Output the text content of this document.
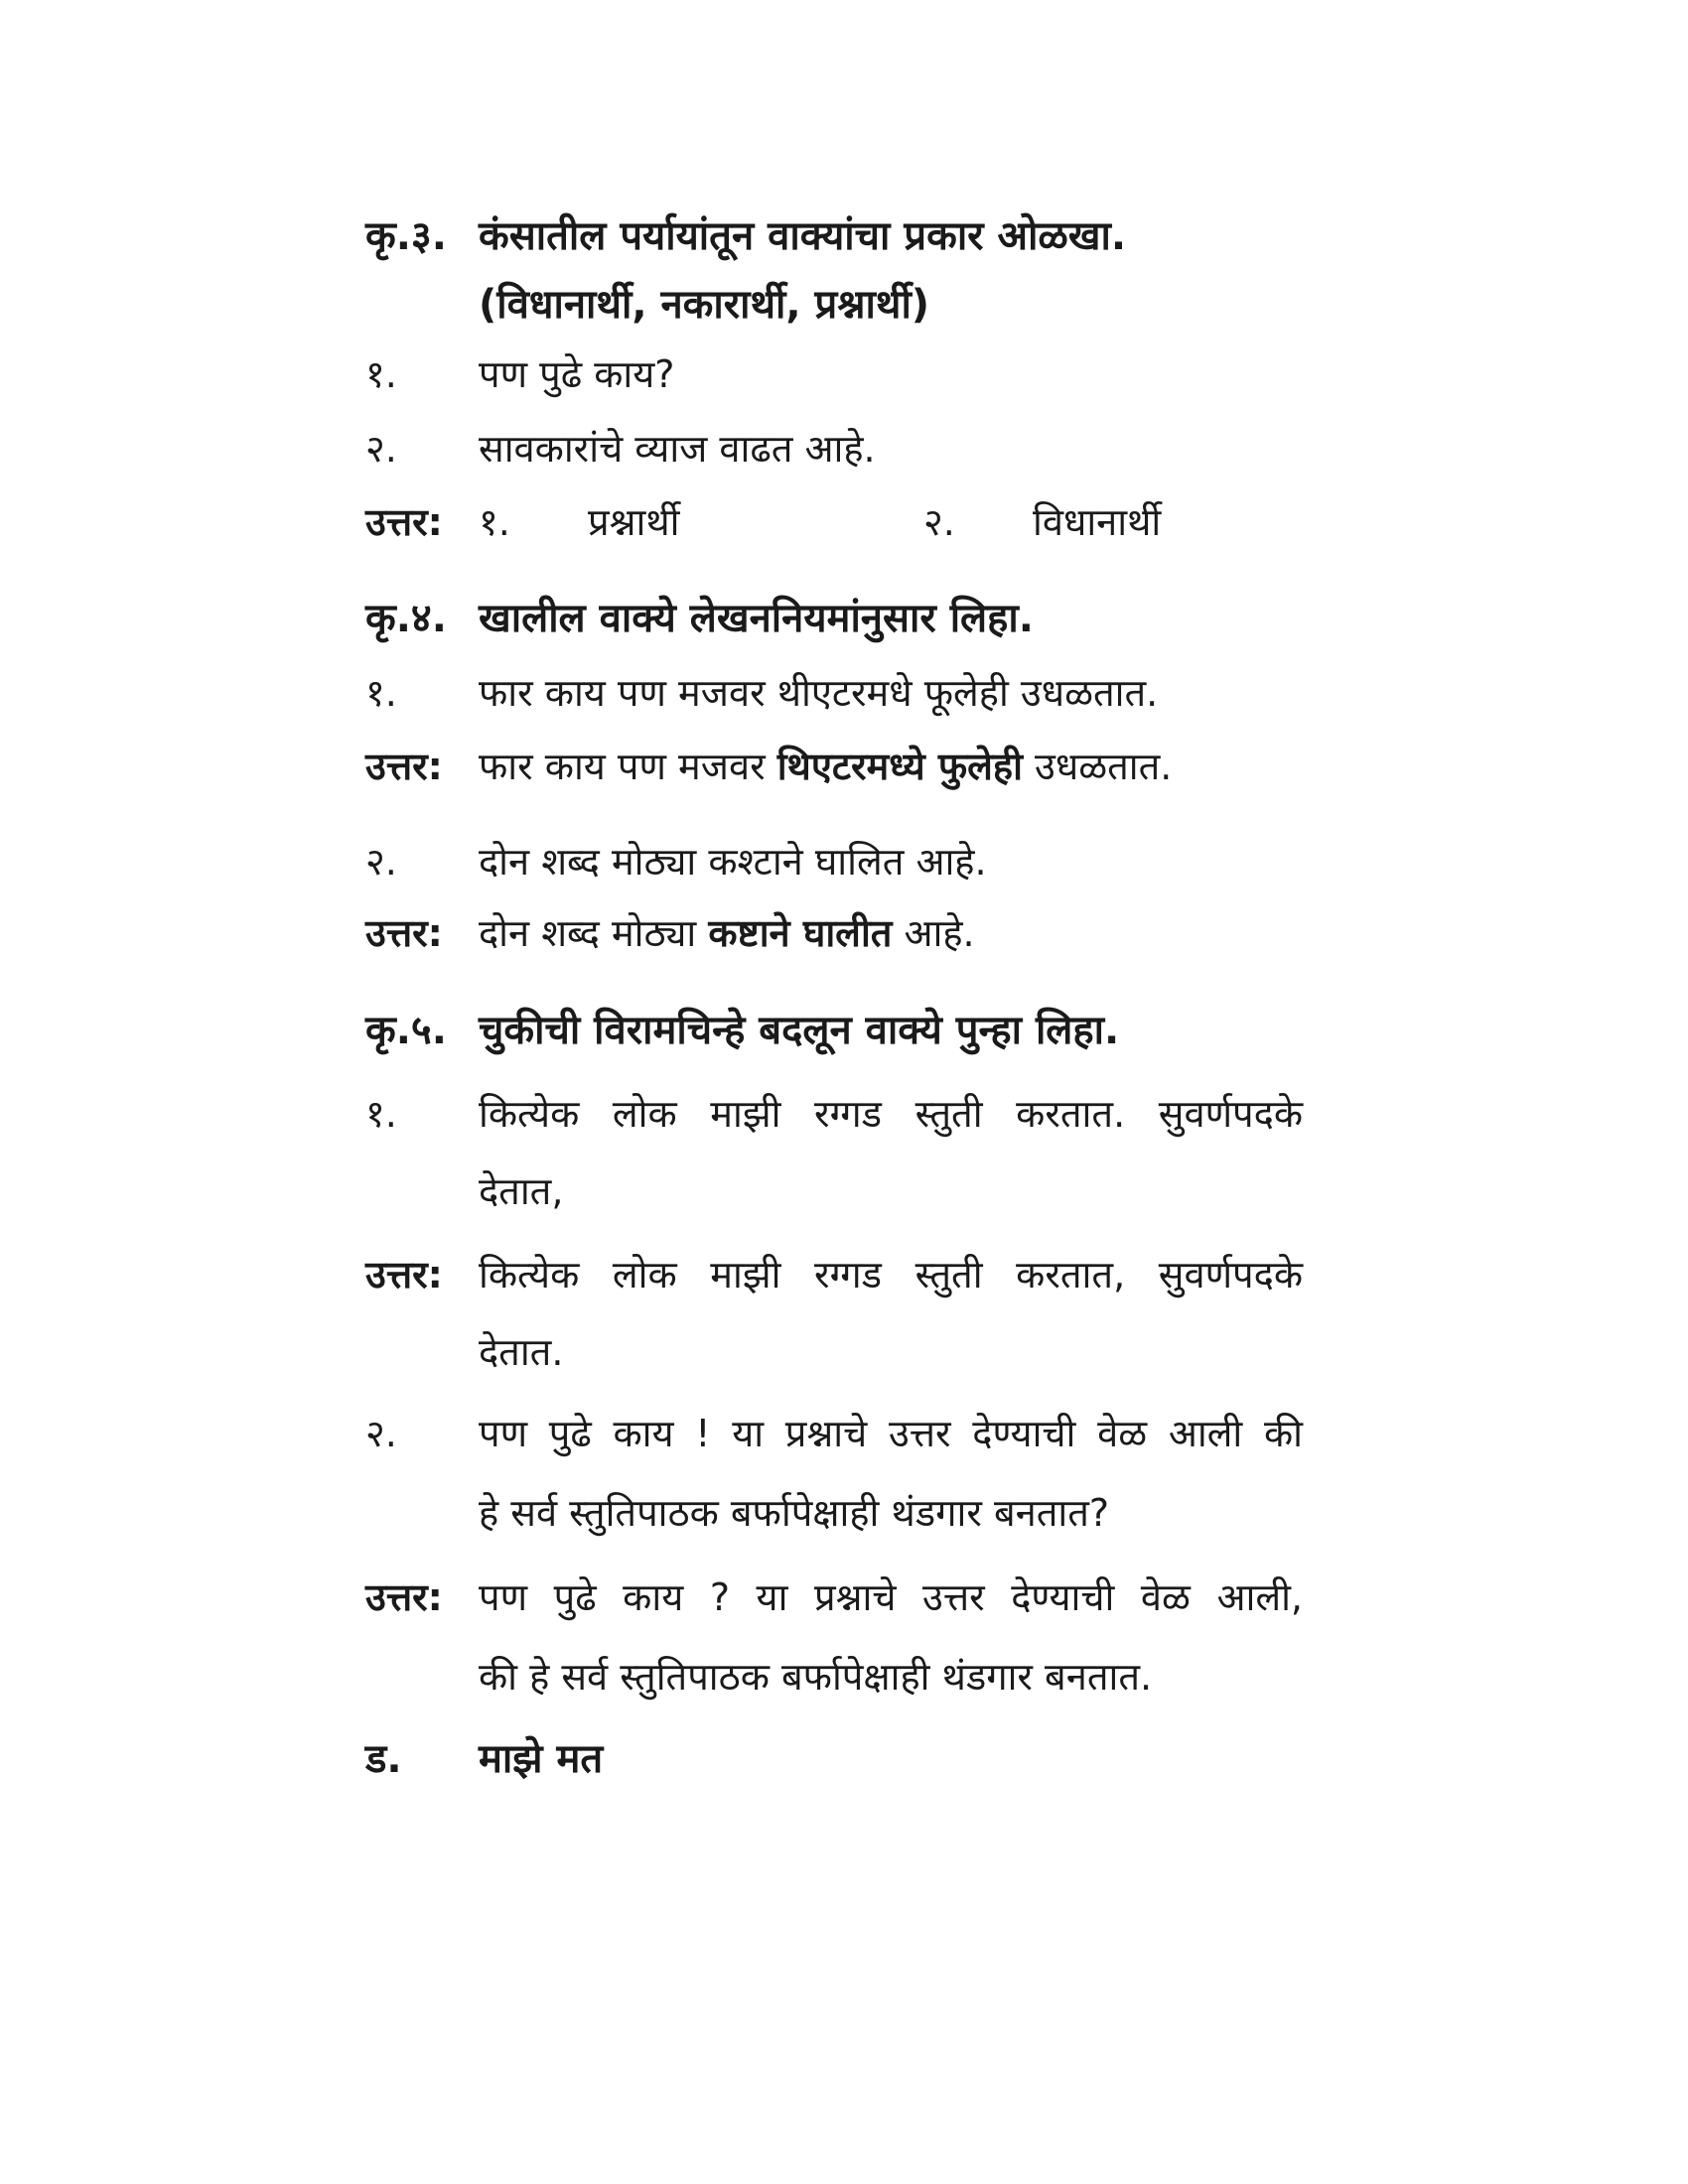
कृ.३. कंसातील पर्यायांतून वाक्यांचा प्रकार ओळखा.
(विधानार्थी, नकारार्थी, प्रश्नार्थी)
१. पण पुढे काय?
२. सावकारांचे व्याज वाढत आहे.
उत्तर: १. प्रश्नार्थी	२. विधानार्थी
कृ.४. खालील वाक्ये लेखननियमांनुसार लिहा.
१. फार काय पण मजवर थीएटरमधे फूलेही उधळतात.
उत्तर: फार काय पण मजवर थिएटरमध्ये फुलेही उधळतात.
२. दोन शब्द मोठ्या कश्टाने घालित आहे.
उत्तर: दोन शब्द मोठ्या कष्टाने घालीत आहे.
कृ.५. चुकीची विरामचिन्हे बदलून वाक्ये पुन्हा लिहा.
१. कित्येक लोक माझी रग्गड स्तुती करतात. सुवर्णपदके
देतात,
उत्तर: कित्येक लोक माझी रग्गड स्तुती करतात, सुवर्णपदके
देतात.
२. पण पुढे काय ! या प्रश्नाचे उत्तर देण्याची वेळ आली की
हे सर्व स्तुतिपाठक बर्फापेक्षाही थंडगार बनतात?
उत्तर: पण पुढे काय ? या प्रश्नाचे उत्तर देण्याची वेळ आली,
की हे सर्व स्तुतिपाठक बर्फापेक्षाही थंडगार बनतात.
ड. माझे मत
